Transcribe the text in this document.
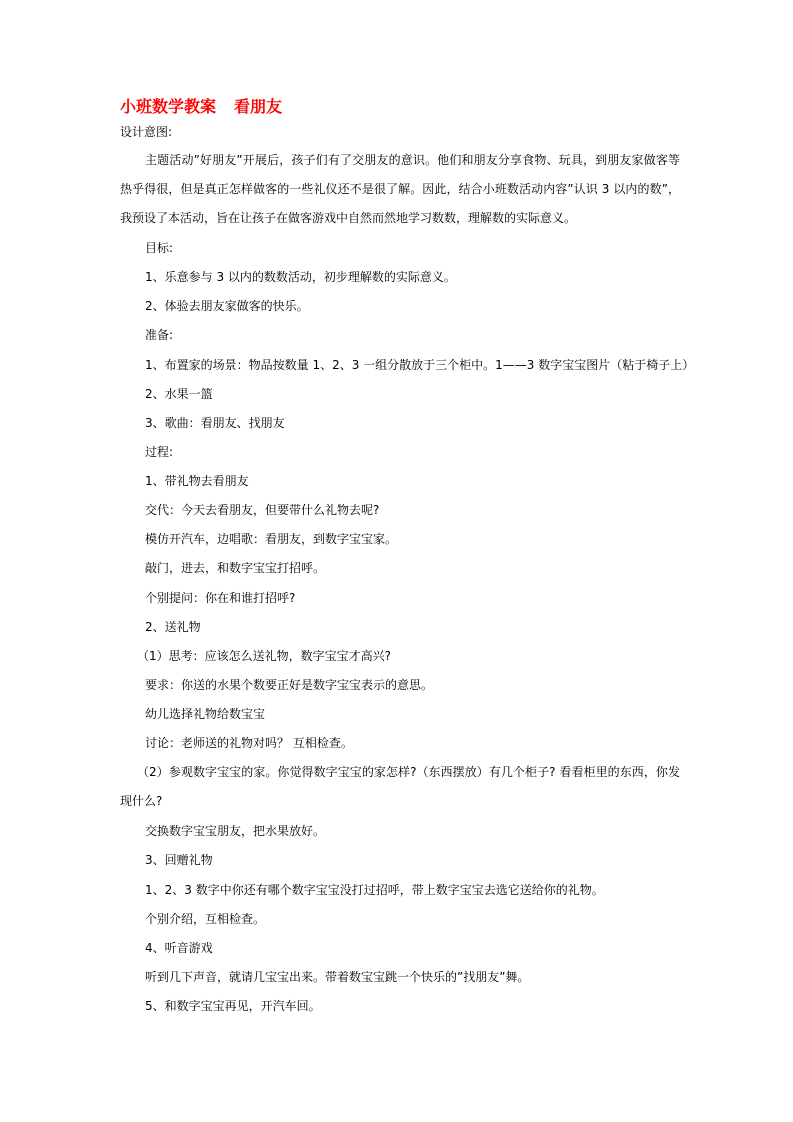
小班数学教案 看朋友
设计意图:
主题活动”好朋友”开展后，孩子们有了交朋友的意识。他们和朋友分享食物、玩具，到朋友家做客等热乎得很，但是真正怎样做客的一些礼仪还不是很了解。因此，结合小班数活动内容”认识 3 以内的数”，我预设了本活动，旨在让孩子在做客游戏中自然而然地学习数数，理解数的实际意义。
目标:
1、乐意参与 3 以内的数数活动，初步理解数的实际意义。
2、体验去朋友家做客的快乐。
准备:
1、布置家的场景：物品按数量 1、2、3 一组分散放于三个柜中。1——3 数字宝宝图片（粘于椅子上）
2、水果一篮
3、歌曲：看朋友、找朋友
过程:
1、带礼物去看朋友
交代：今天去看朋友，但要带什么礼物去呢?
模仿开汽车，边唱歌：看朋友，到数字宝宝家。
敲门，进去，和数字宝宝打招呼。
个别提问：你在和谁打招呼?
2、送礼物
（1）思考：应该怎么送礼物，数字宝宝才高兴?
要求：你送的水果个数要正好是数字宝宝表示的意思。
幼儿选择礼物给数宝宝
讨论：老师送的礼物对吗？ 互相检查。
（2）参观数字宝宝的家。你觉得数字宝宝的家怎样?（东西摆放）有几个柜子? 看看柜里的东西，你发现什么?
交换数字宝宝朋友，把水果放好。
3、回赠礼物
1、2、3 数字中你还有哪个数字宝宝没打过招呼，带上数字宝宝去选它送给你的礼物。
个别介绍，互相检查。
4、听音游戏
听到几下声音，就请几宝宝出来。带着数宝宝跳一个快乐的”找朋友”舞。
5、和数字宝宝再见，开汽车回。
